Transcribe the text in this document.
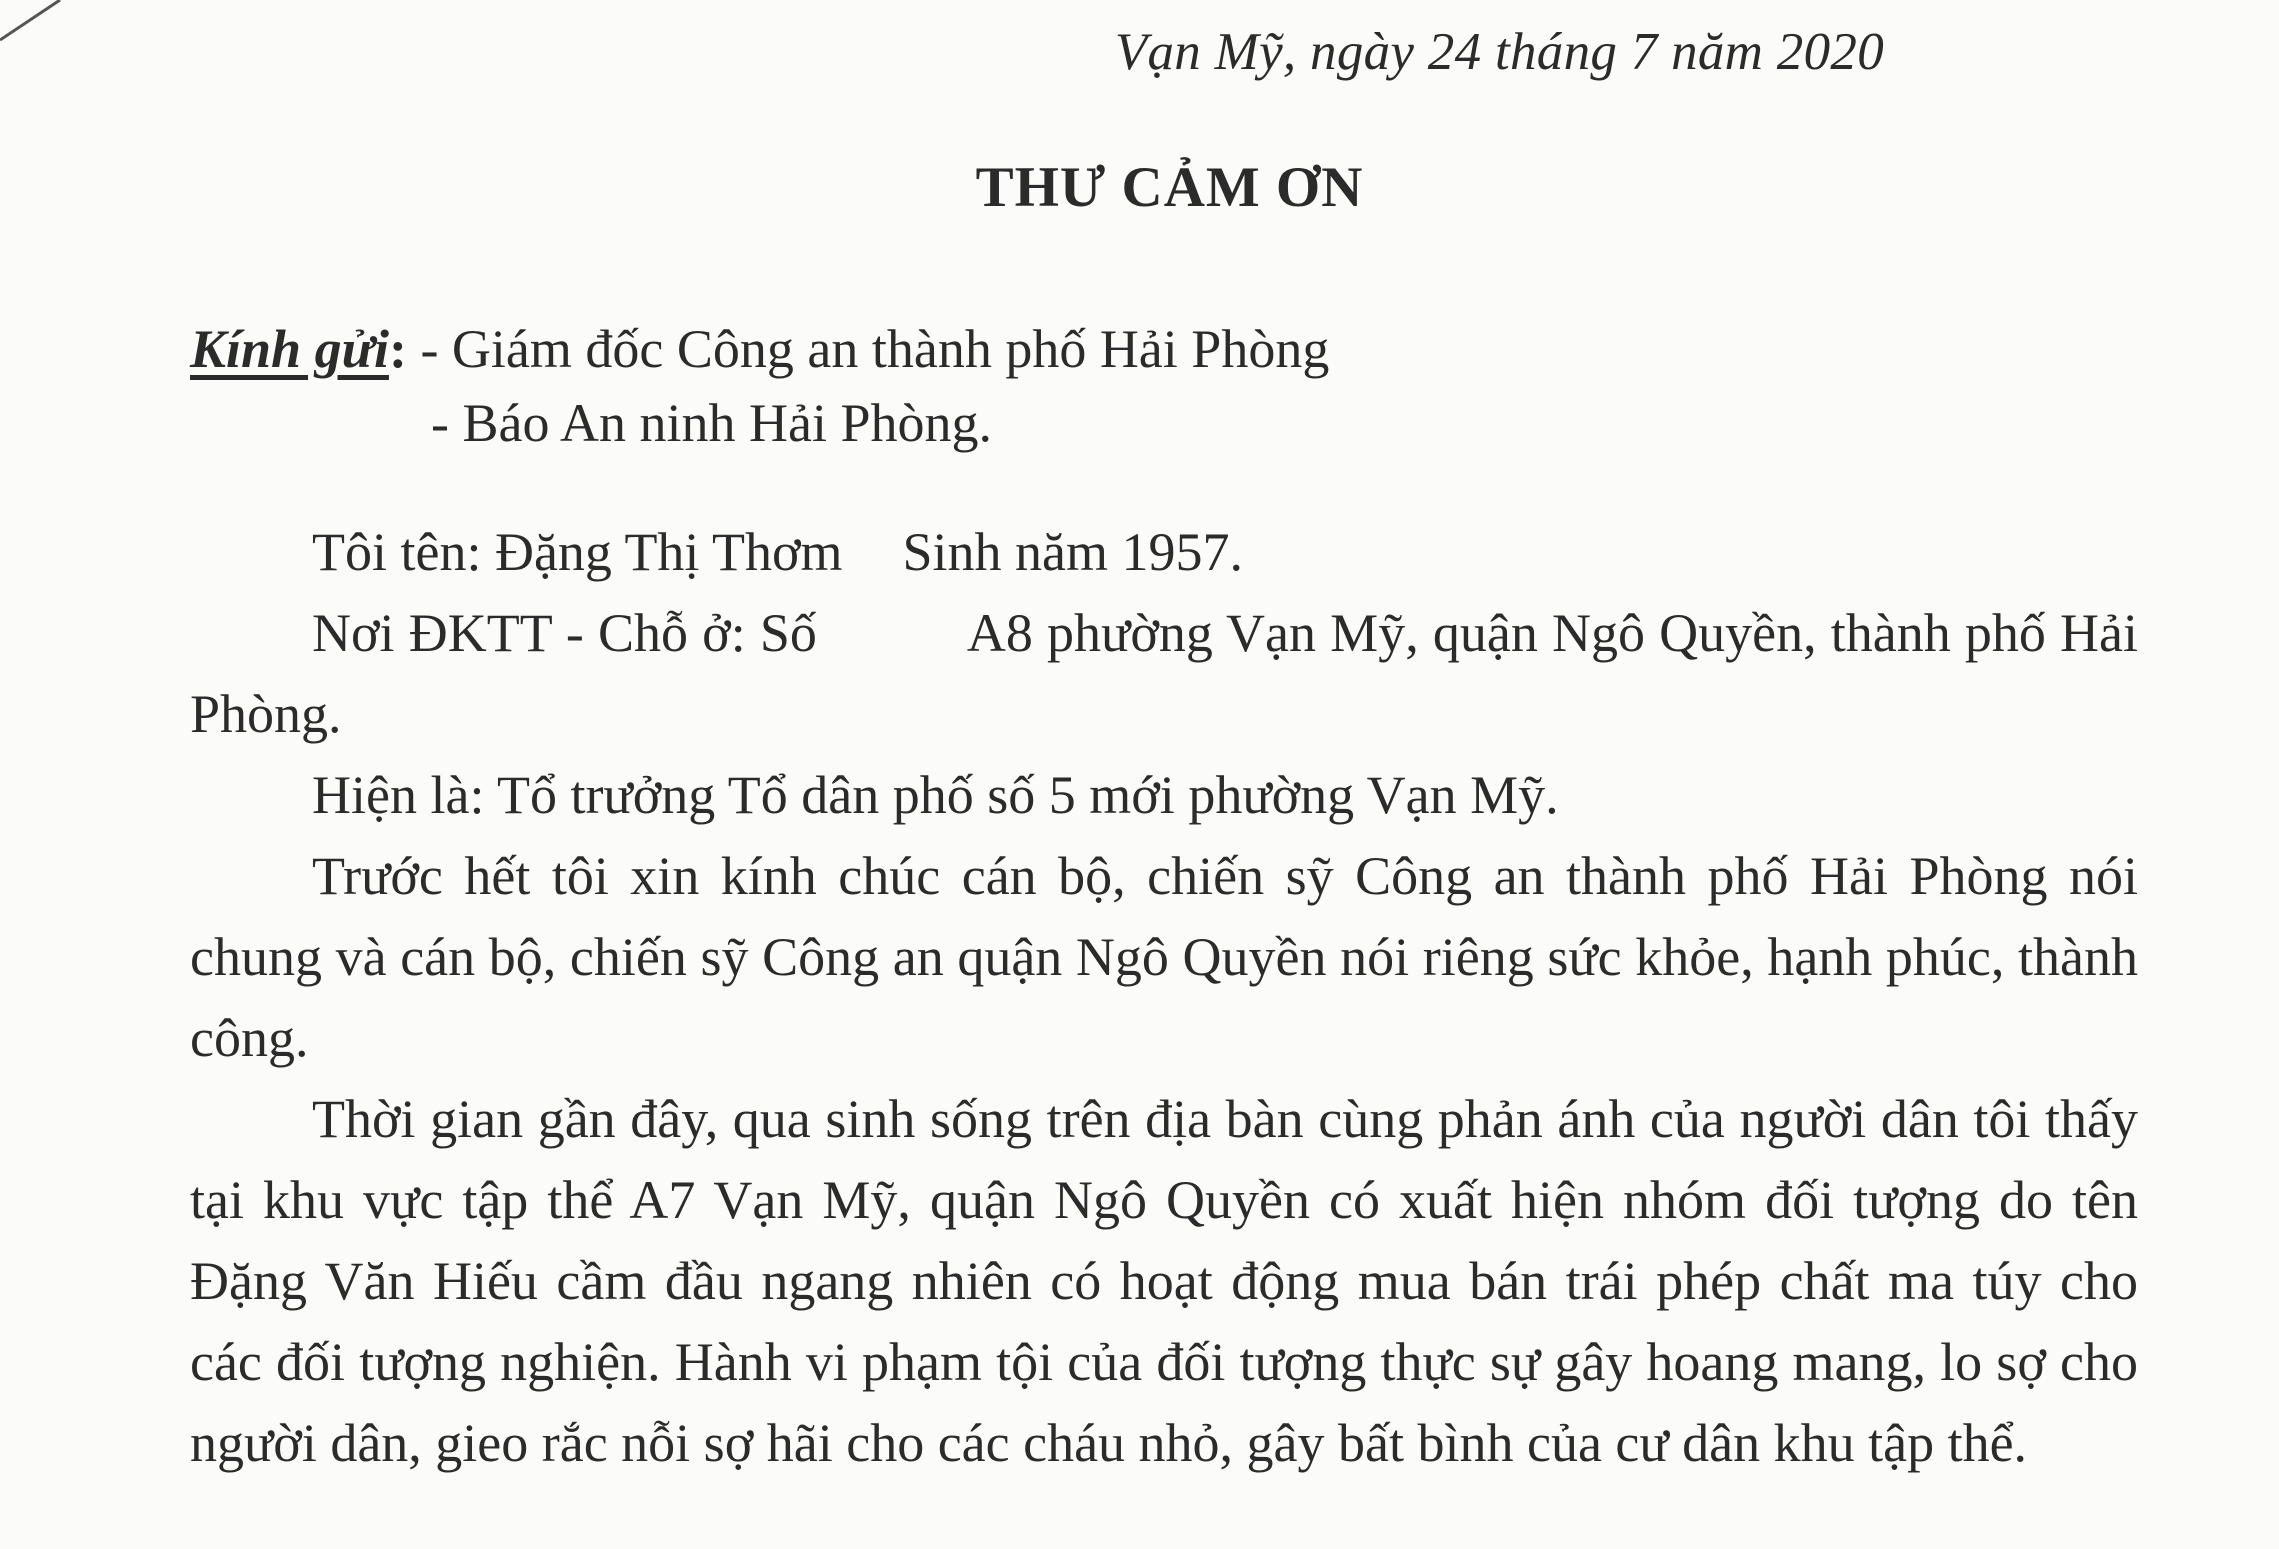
Vạn Mỹ, ngày 24 tháng 7 năm 2020
THƯ CẢM ƠN
Kính gửi: - Giám đốc Công an thành phố Hải Phòng
- Báo An ninh Hải Phòng.

Tôi tên: Đặng Thị Thơm Sinh năm 1957.

Nơi ĐKTT - Chỗ ở: Số	A8 phường Vạn Mỹ, quận Ngô Quyền, thành phố Hải Phòng.

Hiện là: Tổ trưởng Tổ dân phố số 5 mới phường Vạn Mỹ.

Trước hết tôi xin kính chúc cán bộ, chiến sỹ Công an thành phố Hải Phòng nói chung và cán bộ, chiến sỹ Công an quận Ngô Quyền nói riêng sức khỏe, hạnh phúc, thành công.

Thời gian gần đây, qua sinh sống trên địa bàn cùng phản ánh của người dân tôi thấy tại khu vực tập thể A7 Vạn Mỹ, quận Ngô Quyền có xuất hiện nhóm đối tượng do tên Đặng Văn Hiếu cầm đầu ngang nhiên có hoạt động mua bán trái phép chất ma túy cho các đối tượng nghiện. Hành vi phạm tội của đối tượng thực sự gây hoang mang, lo sợ cho người dân, gieo rắc nỗi sợ hãi cho các cháu nhỏ, gây bất bình của cư dân khu tập thể.
